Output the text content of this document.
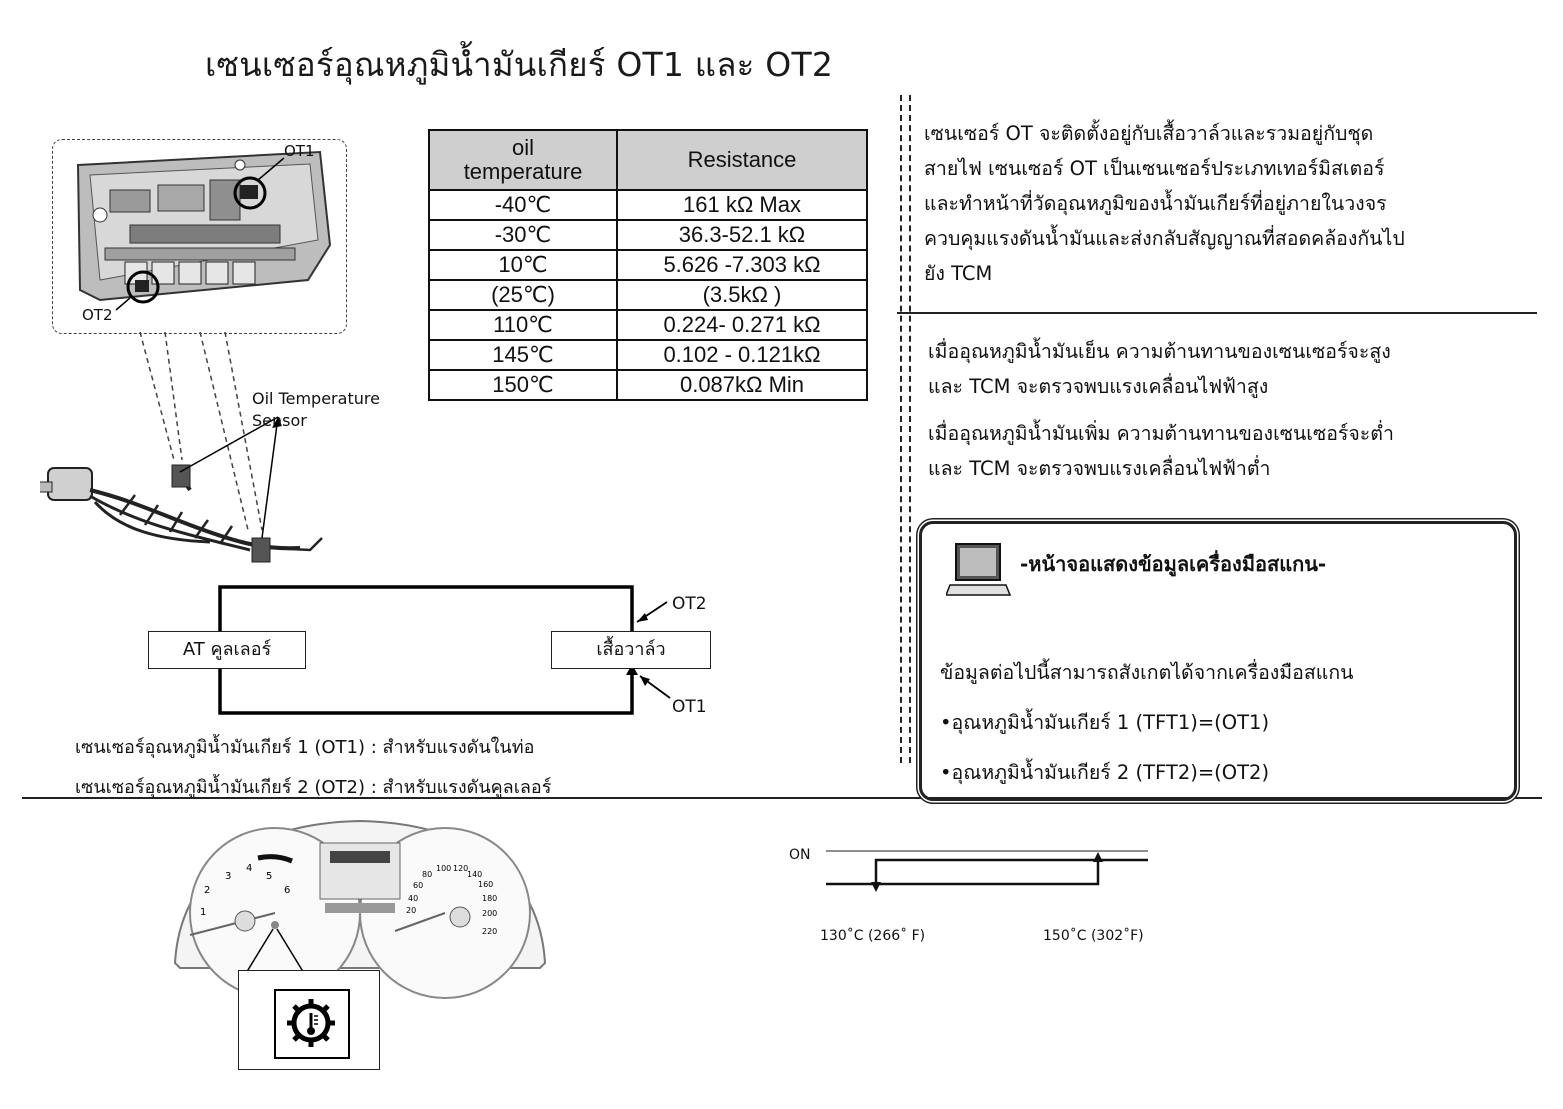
เซนเซอร์อุณหภูมิน้ำมันเกียร์ OT1 และ OT2
OT1
OT2
Oil Temperature
Sensor
oil
temperature	Resistance
-40℃	161 kΩ Max
-30℃	36.3-52.1 kΩ
10℃	5.626 -7.303 kΩ
(25℃)	(3.5kΩ )
110℃	0.224- 0.271 kΩ
145℃	0.102 - 0.121kΩ
150℃	0.087kΩ Min
AT คูลเลอร์	เสื้อวาล์ว
OT2
OT1
เซนเซอร์อุณหภูมิน้ำมันเกียร์ 1 (OT1) : สำหรับแรงดันในท่อ
เซนเซอร์อุณหภูมิน้ำมันเกียร์ 2 (OT2) : สำหรับแรงดันคูลเลอร์
เซนเซอร์ OT จะติดตั้งอยู่กับเสื้อวาล์วและรวมอยู่กับชุด
สายไฟ เซนเซอร์ OT เป็นเซนเซอร์ประเภทเทอร์มิสเตอร์
และทำหน้าที่วัดอุณหภูมิของน้ำมันเกียร์ที่อยู่ภายในวงจร
ควบคุมแรงดันน้ำมันและส่งกลับสัญญาณที่สอดคล้องกันไป
ยัง TCM
เมื่ออุณหภูมิน้ำมันเย็น ความต้านทานของเซนเซอร์จะสูง
และ TCM จะตรวจพบแรงเคลื่อนไฟฟ้าสูง
เมื่ออุณหภูมิน้ำมันเพิ่ม ความต้านทานของเซนเซอร์จะต่ำ
และ TCM จะตรวจพบแรงเคลื่อนไฟฟ้าต่ำ
-หน้าจอแสดงข้อมูลเครื่องมือสแกน-
ข้อมูลต่อไปนี้สามารถสังเกตได้จากเครื่องมือสแกน
•อุณหภูมิน้ำมันเกียร์ 1 (TFT1)=(OT1)
•อุณหภูมิน้ำมันเกียร์ 2 (TFT2)=(OT2)
1
2
3
4
5
6
20
40
60
80
100 120
140
160
180
200
220
ON
130˚C (266˚ F)	150˚C (302˚F)
